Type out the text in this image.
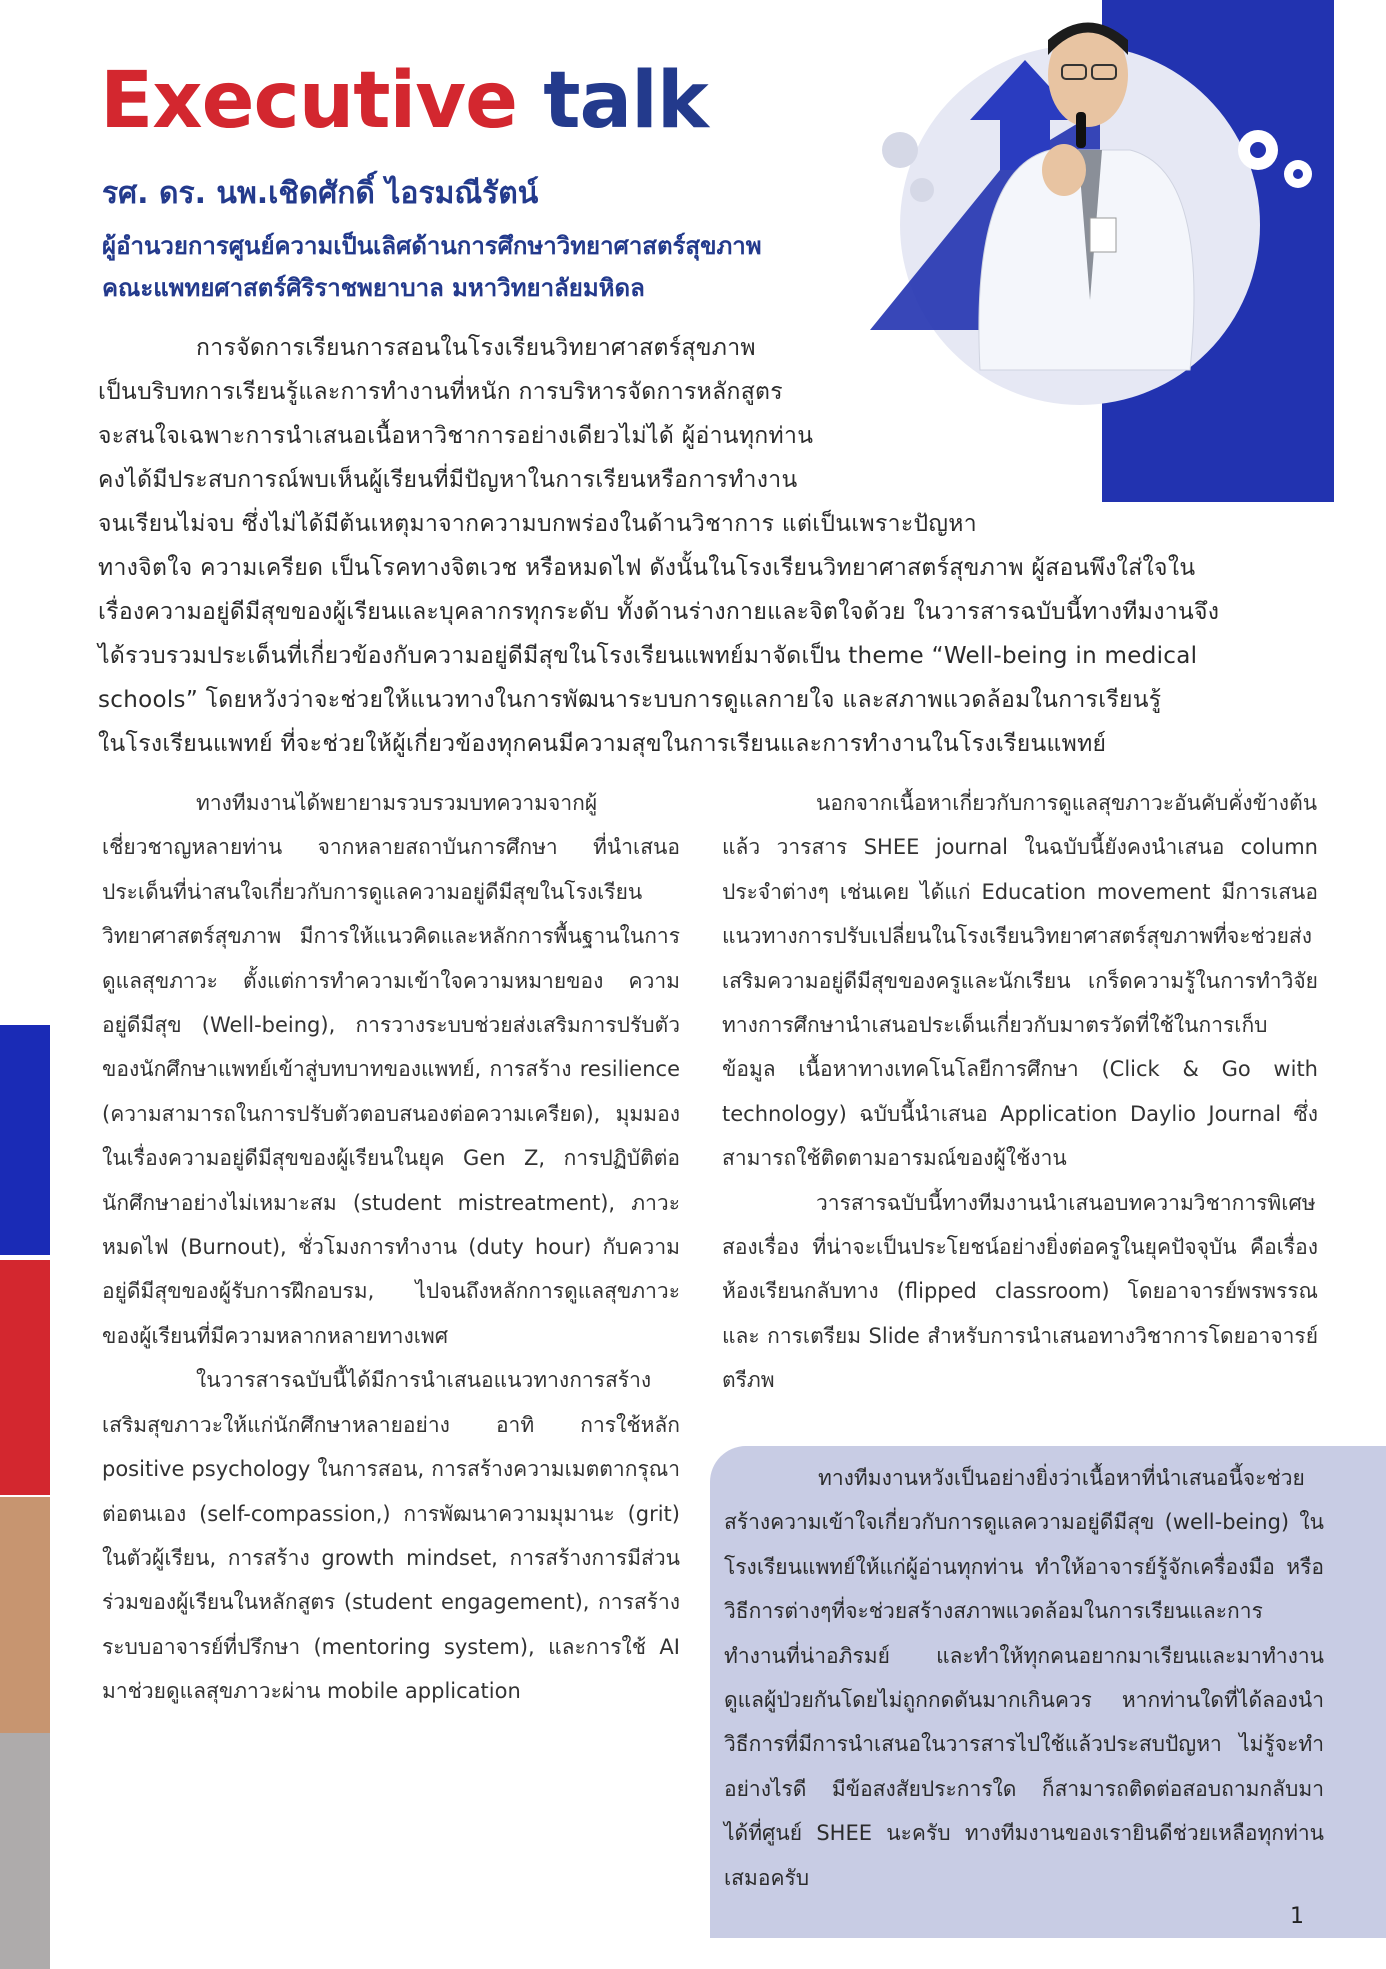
Executive talk
รศ. ดร. นพ.เชิดศักดิ์ ไอรมณีรัตน์
ผู้อำนวยการศูนย์ความเป็นเลิศด้านการศึกษาวิทยาศาสตร์สุขภาพ
คณะแพทยศาสตร์ศิริราชพยาบาล มหาวิทยาลัยมหิดล

การจัดการเรียนการสอนในโรงเรียนวิทยาศาสตร์สุขภาพ

เป็นบริบทการเรียนรู้และการทำงานที่หนัก การบริหารจัดการหลักสูตร

จะสนใจเฉพาะการนำเสนอเนื้อหาวิชาการอย่างเดียวไม่ได้ ผู้อ่านทุกท่าน

คงได้มีประสบการณ์พบเห็นผู้เรียนที่มีปัญหาในการเรียนหรือการทำงาน

จนเรียนไม่จบ ซึ่งไม่ได้มีต้นเหตุมาจากความบกพร่องในด้านวิชาการ แต่เป็นเพราะปัญหา

ทางจิตใจ ความเครียด เป็นโรคทางจิตเวช หรือหมดไฟ ดังนั้นในโรงเรียนวิทยาศาสตร์สุขภาพ ผู้สอนพึงใส่ใจใน

เรื่องความอยู่ดีมีสุขของผู้เรียนและบุคลากรทุกระดับ ทั้งด้านร่างกายและจิตใจด้วย ในวารสารฉบับนี้ทางทีมงานจึง

ได้รวบรวมประเด็นที่เกี่ยวข้องกับความอยู่ดีมีสุขในโรงเรียนแพทย์มาจัดเป็น theme “Well-being in medical

schools” โดยหวังว่าจะช่วยให้แนวทางในการพัฒนาระบบการดูแลกายใจ และสภาพแวดล้อมในการเรียนรู้

ในโรงเรียนแพทย์ ที่จะช่วยให้ผู้เกี่ยวข้องทุกคนมีความสุขในการเรียนและการทำงานในโรงเรียนแพทย์

ทางทีมงานได้พยายามรวบรวมบทความจากผู้เชี่ยวชาญหลายท่าน จากหลายสถาบันการศึกษา ที่นำเสนอประเด็นที่น่าสนใจเกี่ยวกับการดูแลความอยู่ดีมีสุขในโรงเรียนวิทยาศาสตร์สุขภาพ มีการให้แนวคิดและหลักการพื้นฐานในการดูแลสุขภาวะ ตั้งแต่การทำความเข้าใจความหมายของ ความอยู่ดีมีสุข (Well-being), การวางระบบช่วยส่งเสริมการปรับตัวของนักศึกษาแพทย์เข้าสู่บทบาทของแพทย์, การสร้าง resilience (ความสามารถในการปรับตัวตอบสนองต่อความเครียด), มุมมองในเรื่องความอยู่ดีมีสุขของผู้เรียนในยุค Gen Z, การปฏิบัติต่อนักศึกษาอย่างไม่เหมาะสม (student mistreatment), ภาวะหมดไฟ (Burnout), ชั่วโมงการทำงาน (duty hour) กับความอยู่ดีมีสุขของผู้รับการฝึกอบรม, ไปจนถึงหลักการดูแลสุขภาวะของผู้เรียนที่มีความหลากหลายทางเพศ

ในวารสารฉบับนี้ได้มีการนำเสนอแนวทางการสร้างเสริมสุขภาวะให้แก่นักศึกษาหลายอย่าง อาทิ การใช้หลัก positive psychology ในการสอน, การสร้างความเมตตากรุณาต่อตนเอง (self-compassion,) การพัฒนาความมุมานะ (grit) ในตัวผู้เรียน, การสร้าง growth mindset, การสร้างการมีส่วนร่วมของผู้เรียนในหลักสูตร (student engagement), การสร้างระบบอาจารย์ที่ปรึกษา (mentoring system), และการใช้ AI มาช่วยดูแลสุขภาวะผ่าน mobile application

นอกจากเนื้อหาเกี่ยวกับการดูแลสุขภาวะอันคับคั่งข้างต้นแล้ว วารสาร SHEE journal ในฉบับนี้ยังคงนำเสนอ column ประจำต่างๆ เช่นเคย ได้แก่ Education movement มีการเสนอแนวทางการปรับเปลี่ยนในโรงเรียนวิทยาศาสตร์สุขภาพที่จะช่วยส่งเสริมความอยู่ดีมีสุขของครูและนักเรียน เกร็ดความรู้ในการทำวิจัยทางการศึกษานำเสนอประเด็นเกี่ยวกับมาตรวัดที่ใช้ในการเก็บข้อมูล เนื้อหาทางเทคโนโลยีการศึกษา (Click & Go with technology) ฉบับนี้นำเสนอ Application Daylio Journal ซึ่งสามารถใช้ติดตามอารมณ์ของผู้ใช้งาน

วารสารฉบับนี้ทางทีมงานนำเสนอบทความวิชาการพิเศษสองเรื่อง ที่น่าจะเป็นประโยชน์อย่างยิ่งต่อครูในยุคปัจจุบัน คือเรื่อง ห้องเรียนกลับทาง (flipped classroom) โดยอาจารย์พรพรรณ และ การเตรียม Slide สำหรับการนำเสนอทางวิชาการโดยอาจารย์ตรีภพ

ทางทีมงานหวังเป็นอย่างยิ่งว่าเนื้อหาที่นำเสนอนี้จะช่วยสร้างความเข้าใจเกี่ยวกับการดูแลความอยู่ดีมีสุข (well-being) ในโรงเรียนแพทย์ให้แก่ผู้อ่านทุกท่าน ทำให้อาจารย์รู้จักเครื่องมือ หรือวิธีการต่างๆที่จะช่วยสร้างสภาพแวดล้อมในการเรียนและการทำงานที่น่าอภิรมย์ และทำให้ทุกคนอยากมาเรียนและมาทำงานดูแลผู้ป่วยกันโดยไม่ถูกกดดันมากเกินควร หากท่านใดที่ได้ลองนำวิธีการที่มีการนำเสนอในวารสารไปใช้แล้วประสบปัญหา ไม่รู้จะทำอย่างไรดี มีข้อสงสัยประการใด ก็สามารถติดต่อสอบถามกลับมาได้ที่ศูนย์ SHEE นะครับ ทางทีมงานของเรายินดีช่วยเหลือทุกท่านเสมอครับ

1
